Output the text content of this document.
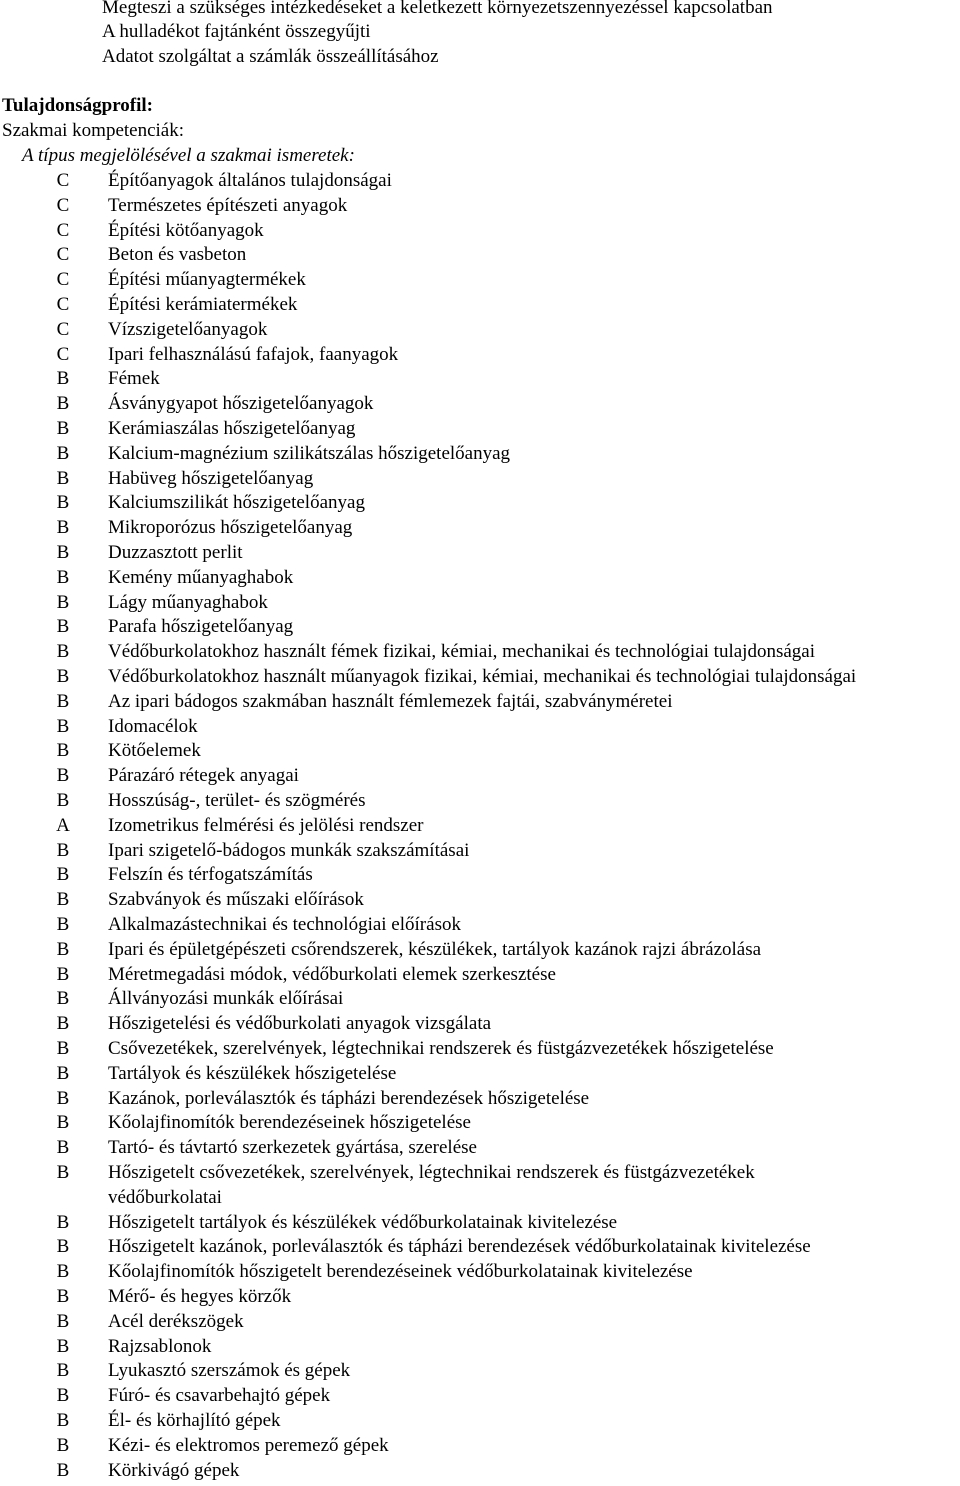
Megteszi a szükséges intézkedéseket a keletkezett környezetszennyezéssel kapcsolatban
A hulladékot fajtánként összegyűjti
Adatot szolgáltat a számlák összeállításához
Tulajdonságprofil:
Szakmai kompetenciák:
A típus megjelölésével a szakmai ismeretek:
C	Építőanyagok általános tulajdonságai
C	Természetes építészeti anyagok
C	Építési kötőanyagok
C	Beton és vasbeton
C	Építési műanyagtermékek
C	Építési kerámiatermékek
C	Vízszigetelőanyagok
C	Ipari felhasználású fafajok, faanyagok
B	Fémek
B	Ásványgyapot hőszigetelőanyagok
B	Kerámiaszálas hőszigetelőanyag
B	Kalcium-magnézium szilikátszálas hőszigetelőanyag
B	Habüveg hőszigetelőanyag
B	Kalciumszilikát hőszigetelőanyag
B	Mikroporózus hőszigetelőanyag
B	Duzzasztott perlit
B	Kemény műanyaghabok
B	Lágy műanyaghabok
B	Parafa hőszigetelőanyag
B	Védőburkolatokhoz használt fémek fizikai, kémiai, mechanikai és technológiai tulajdonságai
B	Védőburkolatokhoz használt műanyagok fizikai, kémiai, mechanikai és technológiai tulajdonságai
B	Az ipari bádogos szakmában használt fémlemezek fajtái, szabványméretei
B	Idomacélok
B	Kötőelemek
B	Párazáró rétegek anyagai
B	Hosszúság-, terület- és szögmérés
A	Izometrikus felmérési és jelölési rendszer
B	Ipari szigetelő-bádogos munkák szakszámításai
B	Felszín és térfogatszámítás
B	Szabványok és műszaki előírások
B	Alkalmazástechnikai és technológiai előírások
B	Ipari és épületgépészeti csőrendszerek, készülékek, tartályok kazánok rajzi ábrázolása
B	Méretmegadási módok, védőburkolati elemek szerkesztése
B	Állványozási munkák előírásai
B	Hőszigetelési és védőburkolati anyagok vizsgálata
B	Csővezetékek, szerelvények, légtechnikai rendszerek és füstgázvezetékek hőszigetelése
B	Tartályok és készülékek hőszigetelése
B	Kazánok, porleválasztók és tápházi berendezések hőszigetelése
B	Kőolajfinomítók berendezéseinek hőszigetelése
B	Tartó- és távtartó szerkezetek gyártása, szerelése
B	Hőszigetelt csővezetékek, szerelvények, légtechnikai rendszerek és füstgázvezetékek
védőburkolatai
B	Hőszigetelt tartályok és készülékek védőburkolatainak kivitelezése
B	Hőszigetelt kazánok, porleválasztók és tápházi berendezések védőburkolatainak kivitelezése
B	Kőolajfinomítók hőszigetelt berendezéseinek védőburkolatainak kivitelezése
B	Mérő- és hegyes körzők
B	Acél derékszögek
B	Rajzsablonok
B	Lyukasztó szerszámok és gépek
B	Fúró- és csavarbehajtó gépek
B	Él- és körhajlító gépek
B	Kézi- és elektromos peremező gépek
B	Körkivágó gépek
